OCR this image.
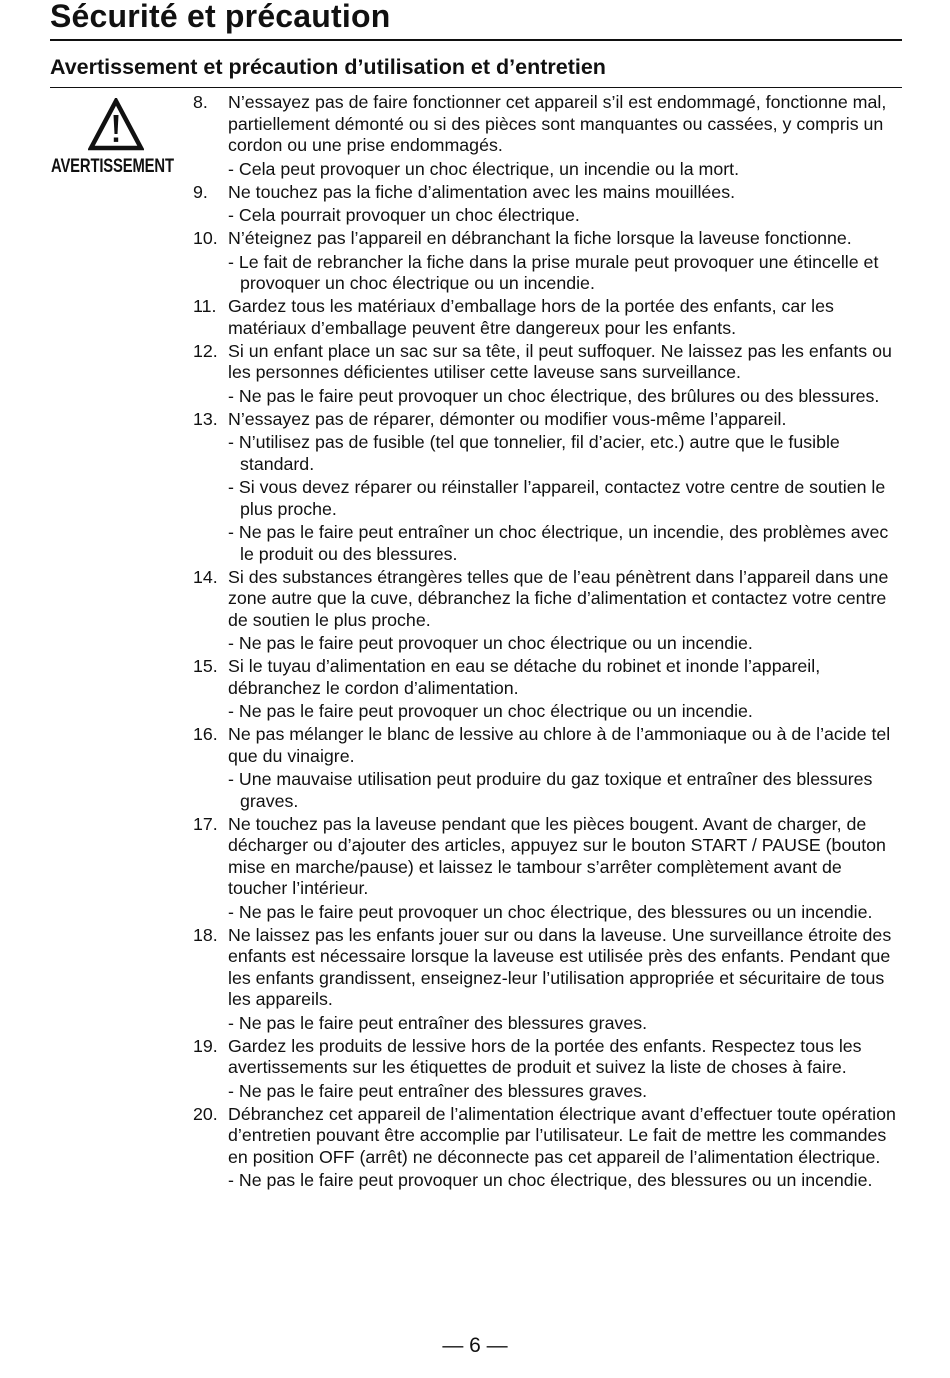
Sécurité et précaution
Avertissement et précaution d’utilisation et d’entretien
AVERTISSEMENT
8. N’essayez pas de faire fonctionner cet appareil s’il est endommagé, fonctionne mal, partiellement démonté ou si des pièces sont manquantes ou cassées, y compris un cordon ou une prise endommagés.
- Cela peut provoquer un choc électrique, un incendie ou la mort.
9. Ne touchez pas la fiche d’alimentation avec les mains mouillées.
- Cela pourrait provoquer un choc électrique.
10. N’éteignez pas l’appareil en débranchant la fiche lorsque la laveuse fonctionne.
- Le fait de rebrancher la fiche dans la prise murale peut provoquer une étincelle et provoquer un choc électrique ou un incendie.
11. Gardez tous les matériaux d’emballage hors de la portée des enfants, car les matériaux d’emballage peuvent être dangereux pour les enfants.
12. Si un enfant place un sac sur sa tête, il peut suffoquer. Ne laissez pas les enfants ou les personnes déficientes utiliser cette laveuse sans surveillance.
- Ne pas le faire peut provoquer un choc électrique, des brûlures ou des blessures.
13. N’essayez pas de réparer, démonter ou modifier vous-même l’appareil.
- N’utilisez pas de fusible (tel que tonnelier, fil d’acier, etc.) autre que le fusible standard.
- Si vous devez réparer ou réinstaller l’appareil, contactez votre centre de soutien le plus proche.
- Ne pas le faire peut entraîner un choc électrique, un incendie, des problèmes avec le produit ou des blessures.
14. Si des substances étrangères telles que de l’eau pénètrent dans l’appareil dans une zone autre que la cuve, débranchez la fiche d’alimentation et contactez votre centre de soutien le plus proche.
- Ne pas le faire peut provoquer un choc électrique ou un incendie.
15. Si le tuyau d’alimentation en eau se détache du robinet et inonde l’appareil, débranchez le cordon d’alimentation.
- Ne pas le faire peut provoquer un choc électrique ou un incendie.
16. Ne pas mélanger le blanc de lessive au chlore à de l’ammoniaque ou à de l’acide tel que du vinaigre.
- Une mauvaise utilisation peut produire du gaz toxique et entraîner des blessures graves.
17. Ne touchez pas la laveuse pendant que les pièces bougent. Avant de charger, de décharger ou d’ajouter des articles, appuyez sur le bouton START / PAUSE (bouton mise en marche/pause) et laissez le tambour s’arrêter complètement avant de toucher l’intérieur.
- Ne pas le faire peut provoquer un choc électrique, des blessures ou un incendie.
18. Ne laissez pas les enfants jouer sur ou dans la laveuse. Une surveillance étroite des enfants est nécessaire lorsque la laveuse est utilisée près des enfants. Pendant que les enfants grandissent, enseignez-leur l’utilisation appropriée et sécuritaire de tous les appareils.
- Ne pas le faire peut entraîner des blessures graves.
19. Gardez les produits de lessive hors de la portée des enfants. Respectez tous les avertissements sur les étiquettes de produit et suivez la liste de choses à faire.
- Ne pas le faire peut entraîner des blessures graves.
20. Débranchez cet appareil de l’alimentation électrique avant d’effectuer toute opération d’entretien pouvant être accomplie par l’utilisateur. Le fait de mettre les commandes en position OFF (arrêt) ne déconnecte pas cet appareil de l’alimentation électrique.
- Ne pas le faire peut provoquer un choc électrique, des blessures ou un incendie.
— 6 —
